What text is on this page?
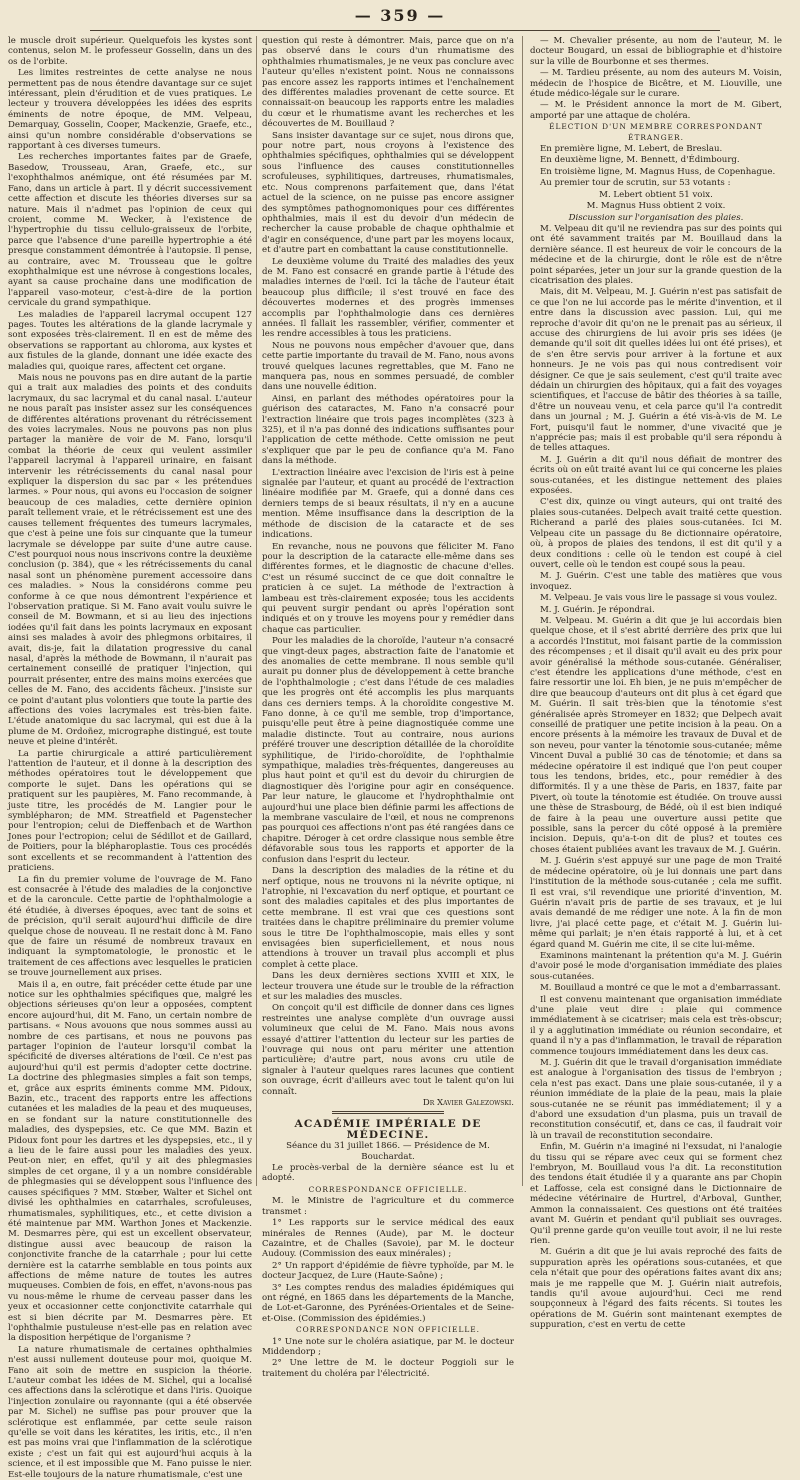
— 359 —

le muscle droit supérieur. Quelquefois les kystes sont contenus, selon M. le professeur Gosselin, dans un des os de l'orbite.

Les limites restreintes de cette analyse ne nous permettent pas de nous étendre davantage sur ce sujet intéressant, plein d'érudition et de vues pratiques. Le lecteur y trouvera développées les idées des esprits éminents de notre époque, de MM. Velpeau, Demarquay, Gosselin, Cooper, Mackenzie, Graefe, etc., ainsi qu'un nombre considérable d'observations se rapportant à ces diverses tumeurs.

Les recherches importantes faites par de Graefe, Basedow, Trousseau, Aran, Graefe, etc., sur l'exophthalmos anémique, ont été résumées par M. Fano, dans un article à part. Il y décrit successivement cette affection et discute les théories diverses sur sa nature. Mais il n'admet pas l'opinion de ceux qui croient, comme M. Wecker, à l'existence de l'hypertrophie du tissu cellulo-graisseux de l'orbite, parce que l'absence d'une pareille hypertrophie a été presque constamment démontrée à l'autopsie. Il pense, au contraire, avec M. Trousseau que le goître exophthalmique est une névrose à congestions locales, ayant sa cause prochaine dans une modification de l'appareil vaso-moteur, c'est-à-dire de la portion cervicale du grand sympathique.

Les maladies de l'appareil lacrymal occupent 127 pages. Toutes les altérations de la glande lacrymale y sont exposées très-clairement. Il en est de même des observations se rapportant au chloroma, aux kystes et aux fistules de la glande, donnant une idée exacte des maladies qui, quoique rares, affectent cet organe.

Mais nous ne pouvons pas en dire autant de la partie qui a trait aux maladies des points et des conduits lacrymaux, du sac lacrymal et du canal nasal. L'auteur ne nous paraît pas insister assez sur les conséquences de différentes altérations provenant du rétrécissement des voies lacrymales. Nous ne pouvons pas non plus partager la manière de voir de M. Fano, lorsqu'il combat la théorie de ceux qui veulent assimiler l'appareil lacrymal à l'appareil urinaire, en faisant intervenir les rétrécissements du canal nasal pour expliquer la dispersion du sac par « les prétendues larmes. » Pour nous, qui avons eu l'occasion de soigner beaucoup de ces maladies, cette dernière opinion paraît tellement vraie, et le rétrécissement est une des causes tellement fréquentes des tumeurs lacrymales, que c'est à peine une fois sur cinquante que la tumeur lacrymale se développe par suite d'une autre cause. C'est pourquoi nous nous inscrivons contre la deuxième conclusion (p. 384), que « les rétrécissements du canal nasal sont un phénomène purement accessoire dans ces maladies. » Nous la considérons comme peu conforme à ce que nous démontrent l'expérience et l'observation pratique. Si M. Fano avait voulu suivre le conseil de M. Bowmann, et si au lieu des injections iodées qu'il fait dans les points lacrymaux en exposant ainsi ses malades à avoir des phlegmons orbitaires, il avait, dis-je, fait la dilatation progressive du canal nasal, d'après la méthode de Bowmann, il n'aurait pas certainement conseillé de pratiquer l'injection, qui pourrait présenter, entre des mains moins exercées que celles de M. Fano, des accidents fâcheux. J'insiste sur ce point d'autant plus volontiers que toute la partie des affections des voies lacrymales est très-bien faite. L'étude anatomique du sac lacrymal, qui est due à la plume de M. Ordoñez, micrographe distingué, est toute neuve et pleine d'intérêt.

La partie chirurgicale a attiré particulièrement l'attention de l'auteur, et il donne à la description des méthodes opératoires tout le développement que comporte le sujet. Dans les opérations qui se pratiquent sur les paupières, M. Fano recommande, à juste titre, les procédés de M. Langier pour le symblépharon; de MM. Streatfield et Pagenstecher pour l'entropion; celui de Dieffenbach et de Warthon Jones pour l'ectropion; celui de Sédillot et de Gaillard, de Poitiers, pour la blépharoplastie. Tous ces procédés sont excellents et se recommandent à l'attention des praticiens.

La fin du premier volume de l'ouvrage de M. Fano est consacrée à l'étude des maladies de la conjonctive et de la caroncule. Cette partie de l'ophthalmologie a été étudiée, à diverses époques, avec tant de soins et de précision, qu'il serait aujourd'hui difficile de dire quelque chose de nouveau. Il ne restait donc à M. Fano que de faire un résumé de nombreux travaux en indiquant la symptomatologie, le pronostic et le traitement de ces affections avec lesquelles le praticien se trouve journellement aux prises.

Mais il a, en outre, fait précéder cette étude par une notice sur les ophthalmies spécifiques que, malgré les objections sérieuses qu'on leur a opposées, comptent encore aujourd'hui, dit M. Fano, un certain nombre de partisans. « Nous avouons que nous sommes aussi au nombre de ces partisans, et nous ne pouvons pas partager l'opinion de l'auteur lorsqu'il combat la spécificité de diverses altérations de l'œil. Ce n'est pas aujourd'hui qu'il est permis d'adopter cette doctrine. La doctrine des phlegmasies simples a fait son temps, et, grâce aux esprits éminents comme MM. Pidoux, Bazin, etc., tracent des rapports entre les affections cutanées et les maladies de la peau et des muqueuses, en se fondant sur la nature constitutionnelle des maladies, des dyspepsies, etc. Ce que MM. Bazin et Pidoux font pour les dartres et les dyspepsies, etc., il y a lieu de le faire aussi pour les maladies des yeux. Peut-on nier, en effet, qu'il y ait des phlegmasies simples de cet organe, il y a un nombre considérable de phlegmasies qui se développent sous l'influence des causes spécifiques ? MM. Stœber, Walter et Sichel ont divisé les ophthalmies en catarrhales, scrofuleuses, rhumatismales, syphilitiques, etc., et cette division a été maintenue par MM. Warthon Jones et Mackenzie. M. Desmarres père, qui est un excellent observateur, distingue aussi avec beaucoup de raison la conjonctivite franche de la catarrhale ; pour lui cette dernière est la catarrhe semblable en tous points aux affections de même nature de toutes les autres muqueuses. Combien de fois, en effet, n'avons-nous pas vu nous-même le rhume de cerveau passer dans les yeux et occasionner cette conjonctivite catarrhale qui est si bien décrite par M. Desmarres père. Et l'ophthalmie pustuleuse n'est-elle pas en relation avec la disposition herpétique de l'organisme ?

La nature rhumatismale de certaines ophthalmies n'est aussi nullement douteuse pour moi, quoique M. Fano ait soin de mettre en suspicion la théorie. L'auteur combat les idées de M. Sichel, qui a localisé ces affections dans la sclérotique et dans l'iris. Quoique l'injection zonulaire ou rayonnante (qui a été observée par M. Sichel) ne suffise pas pour prouver que la sclérotique est enflammée, par cette seule raison qu'elle se voit dans les kératites, les iritis, etc., il n'en est pas moins vrai que l'inflammation de la sclérotique existe ; c'est un fait qui est aujourd'hui acquis à la science, et il est impossible que M. Fano puisse le nier. Est-elle toujours de la nature rhumatismale, c'est une

question qui reste à démontrer. Mais, parce que on n'a pas observé dans le cours d'un rhumatisme des ophthalmies rhumatismales, je ne veux pas conclure avec l'auteur qu'elles n'existent point. Nous ne connaissons pas encore assez les rapports intimes et l'enchaînement des différentes maladies provenant de cette source. Et connaissait-on beaucoup les rapports entre les maladies du cœur et le rhumatisme avant les recherches et les découvertes de M. Bouillaud ?

Sans insister davantage sur ce sujet, nous dirons que, pour notre part, nous croyons à l'existence des ophthalmies spécifiques, ophthalmies qui se développent sous l'influence des causes constitutionnelles scrofuleuses, syphilitiques, dartreuses, rhumatismales, etc. Nous comprenons parfaitement que, dans l'état actuel de la science, on ne puisse pas encore assigner des symptômes pathognomoniques pour ces différentes ophthalmies, mais il est du devoir d'un médecin de rechercher la cause probable de chaque ophthalmie et d'agir en conséquence, d'une part par les moyens locaux, et d'autre part en combattant la cause constitutionnelle.

Le deuxième volume du Traité des maladies des yeux de M. Fano est consacré en grande partie à l'étude des maladies internes de l'œil. Ici la tâche de l'auteur était beaucoup plus difficile; il s'est trouvé en face des découvertes modernes et des progrès immenses accomplis par l'ophthalmologie dans ces dernières années. Il fallait les rassembler, vérifier, commenter et les rendre accessibles à tous les praticiens.

Nous ne pouvons nous empêcher d'avouer que, dans cette partie importante du travail de M. Fano, nous avons trouvé quelques lacunes regrettables, que M. Fano ne manquera pas, nous en sommes persuadé, de combler dans une nouvelle édition.

Ainsi, en parlant des méthodes opératoires pour la guérison des cataractes, M. Fano n'a consacré pour l'extraction linéaire que trois pages incomplètes (323 à 325), et il n'a pas donné des indications suffisantes pour l'application de cette méthode. Cette omission ne peut s'expliquer que par le peu de confiance qu'a M. Fano dans la méthode.

L'extraction linéaire avec l'excision de l'iris est à peine signalée par l'auteur, et quant au procédé de l'extraction linéaire modifiée par M. Graefe, qui a donné dans ces derniers temps de si beaux résultats, il n'y en a aucune mention. Même insuffisance dans la description de la méthode de discision de la cataracte et de ses indications.

En revanche, nous ne pouvons que féliciter M. Fano pour la description de la cataracte elle-même dans ses différentes formes, et le diagnostic de chacune d'elles. C'est un résumé succinct de ce que doit connaître le praticien à ce sujet. La méthode de l'extraction à lambeau est très-clairement exposée; tous les accidents qui peuvent surgir pendant ou après l'opération sont indiqués et on y trouve les moyens pour y remédier dans chaque cas particulier.

Pour les maladies de la choroïde, l'auteur n'a consacré que vingt-deux pages, abstraction faite de l'anatomie et des anomalies de cette membrane. Il nous semble qu'il aurait pu donner plus de développement à cette branche de l'ophthalmologie ; c'est dans l'étude de ces maladies que les progrès ont été accomplis les plus marquants dans ces derniers temps. À la choroïdite congestive M. Fano donne, à ce qu'il me semble, trop d'importance, puisqu'elle peut être à peine diagnostiquée comme une maladie distincte. Tout au contraire, nous aurions préféré trouver une description détaillée de la choroïdite syphilitique, de l'irido-choroïdite, de l'ophthalmie sympathique, maladies très-fréquentes, dangereuses au plus haut point et qu'il est du devoir du chirurgien de diagnostiquer dès l'origine pour agir en conséquence. Par leur nature, le glaucome et l'hydrophthalmie ont aujourd'hui une place bien définie parmi les affections de la membrane vasculaire de l'œil, et nous ne comprenons pas pourquoi ces affections n'ont pas été rangées dans ce chapitre. Déroger à cet ordre classique nous semble être défavorable sous tous les rapports et apporter de la confusion dans l'esprit du lecteur.

Dans la description des maladies de la rétine et du nerf optique, nous ne trouvons ni la névrite optique, ni l'atrophie, ni l'excavation du nerf optique, et pourtant ce sont des maladies capitales et des plus importantes de cette membrane. Il est vrai que ces questions sont traitées dans le chapitre préliminaire du premier volume sous le titre De l'ophthalmoscopie, mais elles y sont envisagées bien superficiellement, et nous nous attendions à trouver un travail plus accompli et plus complet à cette place.

Dans les deux dernières sections XVIII et XIX, le lecteur trouvera une étude sur le trouble de la réfraction et sur les maladies des muscles.

On conçoit qu'il est difficile de donner dans ces lignes restreintes une analyse complète d'un ouvrage aussi volumineux que celui de M. Fano. Mais nous avons essayé d'attirer l'attention du lecteur sur les parties de l'ouvrage qui nous ont paru mériter une attention particulière; d'autre part, nous avons cru utile de signaler à l'auteur quelques rares lacunes que contient son ouvrage, écrit d'ailleurs avec tout le talent qu'on lui connaît.

Dr Xavier Galezowski.

ACADÉMIE IMPÉRIALE DE MÉDECINE.

Séance du 31 juillet 1866. — Présidence de M. Bouchardat.

Le procès-verbal de la dernière séance est lu et adopté.

CORRESPONDANCE OFFICIELLE.

M. le Ministre de l'agriculture et du commerce transmet :

1° Les rapports sur le service médical des eaux minérales de Rennes (Aude), par M. le docteur Cazaintre, et de Challes (Savoie), par M. le docteur Audouy. (Commission des eaux minérales) ;

2° Un rapport d'épidémie de fièvre typhoïde, par M. le docteur Jacquez, de Lure (Haute-Saône) ;

3° Les comptes rendus des maladies épidémiques qui ont régné, en 1865 dans les départements de la Manche, de Lot-et-Garonne, des Pyrénées-Orientales et de Seine-et-Oise. (Commission des épidémies.)

CORRESPONDANCE NON OFFICIELLE.

1° Une note sur le choléra asiatique, par M. le docteur Middendorp ;

2° Une lettre de M. le docteur Poggioli sur le traitement du choléra par l'électricité.

— M. Chevalier présente, au nom de l'auteur, M. le docteur Bougard, un essai de bibliographie et d'histoire sur la ville de Bourbonne et ses thermes.

— M. Tardieu présente, au nom des auteurs M. Voisin, médecin de l'hospice de Bicêtre, et M. Liouville, une étude médico-légale sur le curare.

— M. le Président annonce la mort de M. Gibert, amporté par une attaque de choléra.

ÉLECTION D'UN MEMBRE CORRESPONDANT ÉTRANGER.

En première ligne, M. Lebert, de Breslau.

En deuxième ligne, M. Bennett, d'Édimbourg.

En troisième ligne, M. Magnus Huss, de Copenhague.

Au premier tour de scrutin, sur 53 votants :

M. Lebert obtient 51 voix.

M. Magnus Huss obtient 2 voix.

Discussion sur l'organisation des plaies.

M. Velpeau dit qu'il ne reviendra pas sur des points qui ont été savamment traités par M. Bouillaud dans la dernière séance. Il est heureux de voir le concours de la médecine et de la chirurgie, dont le rôle est de n'être point séparées, jeter un jour sur la grande question de la cicatrisation des plaies.

Mais, dit M. Velpeau, M. J. Guérin n'est pas satisfait de ce que l'on ne lui accorde pas le mérite d'invention, et il entre dans la discussion avec passion. Lui, qui me reproche d'avoir dit qu'on ne le prenait pas au sérieux, il accuse des chirurgiens de lui avoir pris ses idées (je demande qu'il soit dit quelles idées lui ont été prises), et de s'en être servis pour arriver à la fortune et aux honneurs. Je ne vois pas qui nous contredisent voir désigner. Ce que je sais seulement, c'est qu'il traite avec dédain un chirurgien des hôpitaux, qui a fait des voyages scientifiques, et l'accuse de bâtir des théories à sa taille, d'être un nouveau venu, et cela parce qu'il l'a contredit dans un journal ; M. J. Guérin a été vis-à-vis de M. Le Fort, puisqu'il faut le nommer, d'une vivacité que je n'apprécie pas; mais il est probable qu'il sera répondu à de telles attaques.

M. J. Guérin a dit qu'il nous défiait de montrer des écrits où on eût traité avant lui ce qui concerne les plaies sous-cutanées, et les distingue nettement des plaies exposées.

C'est dix, quinze ou vingt auteurs, qui ont traité des plaies sous-cutanées. Delpech avait traité cette question. Richerand a parlé des plaies sous-cutanées. Ici M. Velpeau cite un passage du 8e dictionnaire opératoire, où, à propos de plaies des tendons, il est dit qu'il y a deux conditions : celle où le tendon est coupé à ciel ouvert, celle où le tendon est coupé sous la peau.

M. J. Guérin. C'est une table des matières que vous invoquez.

M. Velpeau. Je vais vous lire le passage si vous voulez.

M. J. Guérin. Je répondrai.

M. Velpeau. M. Guérin a dit que je lui accordais bien quelque chose, et il s'est abrité derrière des prix que lui a accordés l'Institut, moi faisant partie de la commission des récompenses ; et il disait qu'il avait eu des prix pour avoir généralisé la méthode sous-cutanée. Généraliser, c'est étendre les applications d'une méthode, c'est en faire ressortir une loi. Eh bien, je ne puis m'empêcher de dire que beaucoup d'auteurs ont dit plus à cet égard que M. Guérin. Il sait très-bien que la ténotomie s'est généralisée après Stromeyer en 1832; que Delpech avait conseillé de pratiquer une petite incision à la peau. On a encore présents à la mémoire les travaux de Duval et de son neveu, pour vanter la ténotomie sous-cutanée; même Vincent Duval a publié 30 cas de ténotomie; et dans sa médecine opératoire il est indiqué que l'on peut couper tous les tendons, brides, etc., pour remédier à des difformités. Il y a une thèse de Paris, en 1837, faite par Pivert, où toute la ténotomie est étudiée. On trouve aussi une thèse de Strasbourg, de Bédé, où il est bien indiqué de faire à la peau une ouverture aussi petite que possible, sans la percer du côté opposé à la première incision. Depuis, qu'a-t-on dit de plus? et toutes ces choses étaient publiées avant les travaux de M. J. Guérin.

M. J. Guérin s'est appuyé sur une page de mon Traité de médecine opératoire, où je lui donnais une part dans l'institution de la méthode sous-cutanée ; cela me suffit. Il est vrai, s'il revendique une priorité d'invention, M. Guérin n'avait pris de partie de ses travaux, et je lui avais demandé de me rédiger une note. À la fin de mon livre, j'ai placé cette page, et c'était M. J. Guérin lui-même qui parlait; je n'en étais rapporté à lui, et à cet égard quand M. Guérin me cite, il se cite lui-même.

Examinons maintenant la prétention qu'a M. J. Guérin d'avoir posé le mode d'organisation immédiate des plaies sous-cutanées.

M. Bouillaud a montré ce que le mot a d'embarrassant.

Il est convenu maintenant que organisation immédiate d'une plaie veut dire : plaie qui commence immédiatement à se cicatriser; mais cela est très-obscur; il y a agglutination immédiate ou réunion secondaire, et quand il n'y a pas d'inflammation, le travail de réparation commence toujours immédiatement dans les deux cas.

M. J. Guérin dit que le travail d'organisation immédiate est analogue à l'organisation des tissus de l'embryon ; cela n'est pas exact. Dans une plaie sous-cutanée, il y a réunion immédiate de la plaie de la peau, mais la plaie sous-cutanée ne se réunit pas immédiatement; il y a d'abord une exsudation d'un plasma, puis un travail de reconstitution consécutif, et, dans ce cas, il faudrait voir là un travail de reconstitution secondaire.

Enfin, M. Guérin n'a imaginé ni l'exsudat, ni l'analogie du tissu qui se répare avec ceux qui se forment chez l'embryon, M. Bouillaud vous l'a dit. La reconstitution des tendons était étudiée il y a quarante ans par Chopin et Laffosse, cela est consigné dans le Dictionnaire de médecine vétérinaire de Hurtrel, d'Arboval, Gunther, Ammon la connaissaient. Ces questions ont été traitées avant M. Guérin et pendant qu'il publiait ses ouvrages. Qu'il prenne garde qu'on veuille tout avoir, il ne lui reste rien.

M. Guérin a dit que je lui avais reproché des faits de suppuration après les opérations sous-cutanées, et que cela n'était que pour des opérations faites avant dix ans; mais je me rappelle que M. J. Guérin niait autrefois, tandis qu'il avoue aujourd'hui. Ceci me rend soupçonneux à l'égard des faits récents. Si toutes les opérations de M. Guérin sont maintenant exemptes de suppuration, c'est en vertu de cette
